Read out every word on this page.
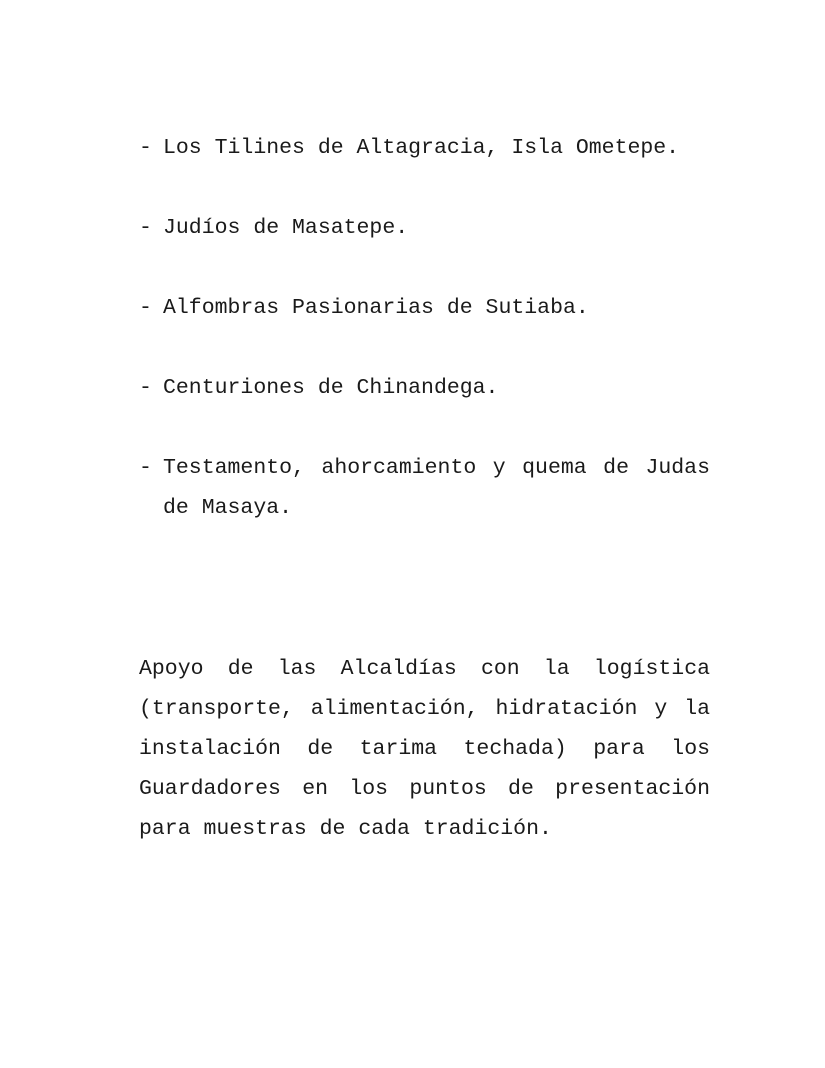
- Los Tilines de Altagracia, Isla Ometepe.
- Judíos de Masatepe.
- Alfombras Pasionarias de Sutiaba.
- Centuriones de Chinandega.
- Testamento, ahorcamiento y quema de Judas de Masaya.

Apoyo de las Alcaldías con la logística (transporte, alimentación, hidratación y la instalación de tarima techada) para los Guardadores en los puntos de presentación para muestras de cada tradición.
